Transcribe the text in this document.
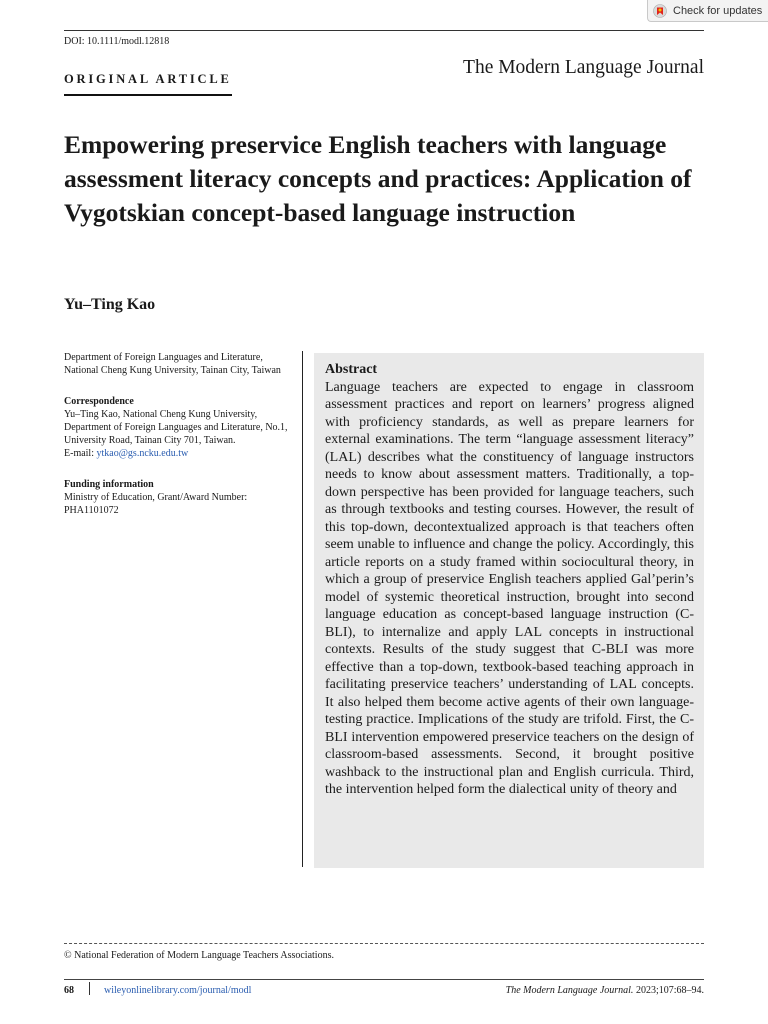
Check for updates
DOI: 10.1111/modl.12818
ORIGINAL ARTICLE
The Modern Language Journal
Empowering preservice English teachers with language assessment literacy concepts and practices: Application of Vygotskian concept-based language instruction
Yu–Ting Kao
Department of Foreign Languages and Literature, National Cheng Kung University, Tainan City, Taiwan
Correspondence
Yu–Ting Kao, National Cheng Kung University, Department of Foreign Languages and Literature, No.1, University Road, Tainan City 701, Taiwan.
E-mail: ytkao@gs.ncku.edu.tw
Funding information
Ministry of Education, Grant/Award Number: PHA1101072
Abstract
Language teachers are expected to engage in classroom assessment practices and report on learners’ progress aligned with proficiency standards, as well as prepare learners for external examinations. The term “language assessment literacy” (LAL) describes what the constituency of language instructors needs to know about assessment matters. Traditionally, a top-down perspective has been provided for language teachers, such as through textbooks and testing courses. However, the result of this top-down, decontextualized approach is that teachers often seem unable to influence and change the policy. Accordingly, this article reports on a study framed within sociocultural theory, in which a group of preservice English teachers applied Gal’perin’s model of systemic theoretical instruction, brought into second language education as concept-based language instruction (C-BLI), to internalize and apply LAL concepts in instructional contexts. Results of the study suggest that C-BLI was more effective than a top-down, textbook-based teaching approach in facilitating preservice teachers’ understanding of LAL concepts. It also helped them become active agents of their own language-testing practice. Implications of the study are trifold. First, the C-BLI intervention empowered preservice teachers on the design of classroom-based assessments. Second, it brought positive washback to the instructional plan and English curricula. Third, the intervention helped form the dialectical unity of theory and
© National Federation of Modern Language Teachers Associations.
68	wileyonlinelibrary.com/journal/modl	The Modern Language Journal. 2023;107:68–94.
